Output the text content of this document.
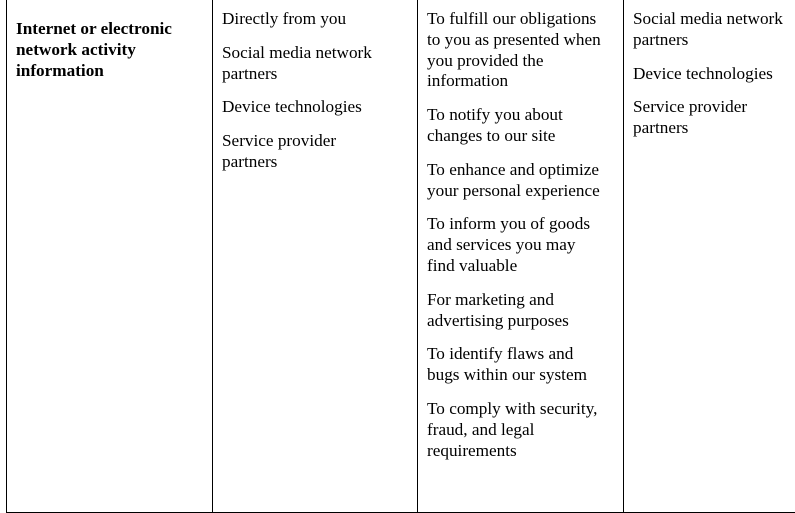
Internet or electronic network activity information

Directly from you
Social media network partners
Device technologies
Service provider partners

To fulfill our obligations to you as presented when you provided the information
To notify you about changes to our site
To enhance and optimize your personal experience
To inform you of goods and services you may find valuable
For marketing and advertising purposes
To identify flaws and bugs within our system
To comply with security, fraud, and legal requirements

Social media network partners
Device technologies
Service provider partners
